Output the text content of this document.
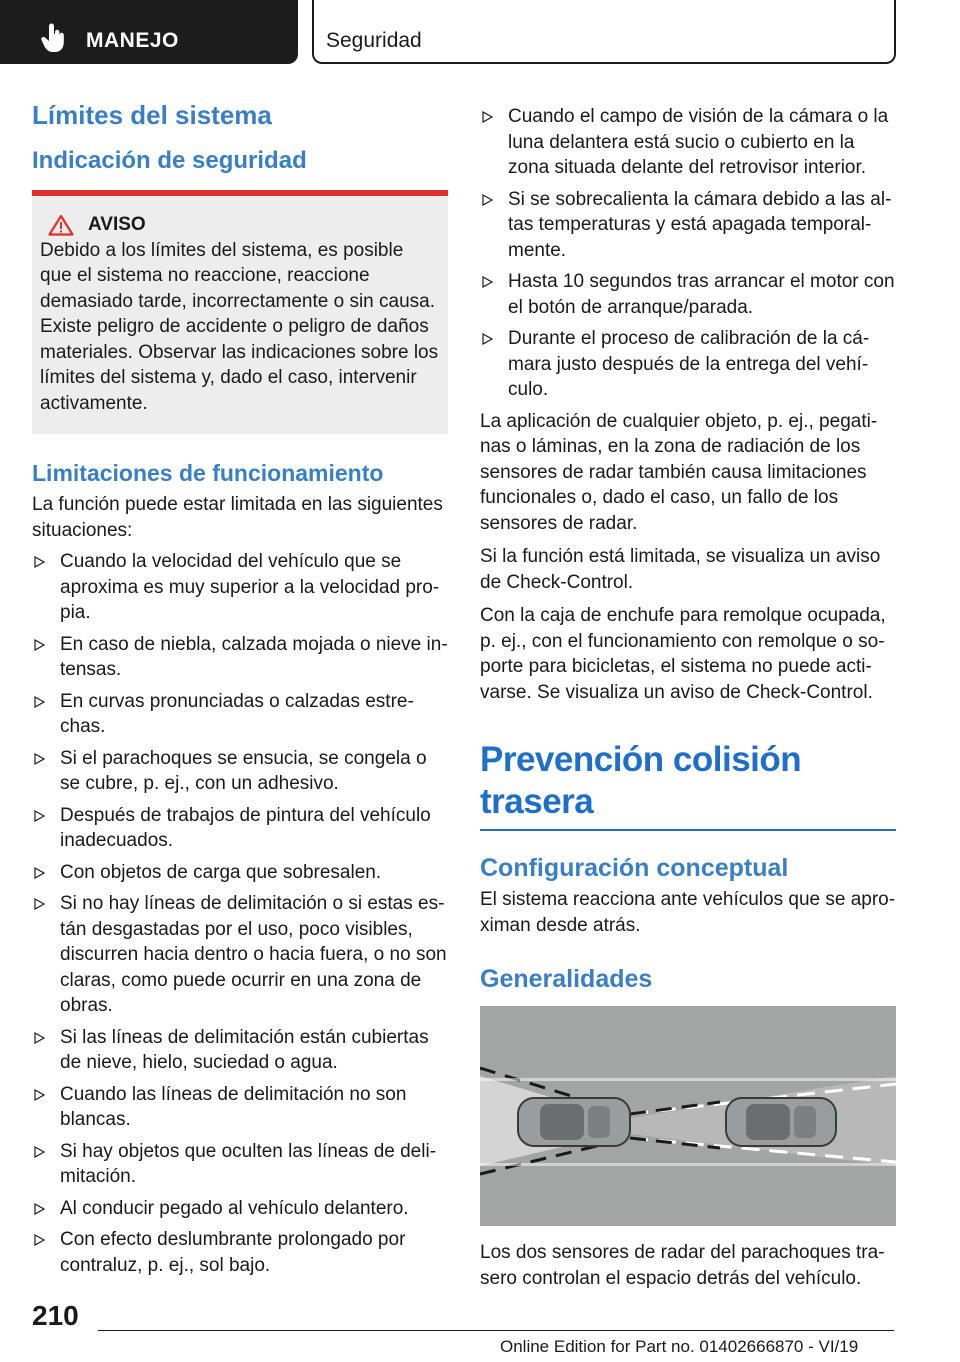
MANEJO	Seguridad
Límites del sistema
Indicación de seguridad
AVISO

Debido a los límites del sistema, es posible que el sistema no reaccione, reaccione demasiado tarde, incorrectamente o sin causa. Existe peligro de accidente o peligro de daños materiales. Observar las indicaciones sobre los límites del sistema y, dado el caso, intervenir activamente.

Limitaciones de funcionamiento

La función puede estar limitada en las siguientes situaciones:

Cuando la velocidad del vehículo que se aproxima es muy superior a la velocidad propia.
En caso de niebla, calzada mojada o nieve intensas.
En curvas pronunciadas o calzadas estrechas.
Si el parachoques se ensucia, se congela o se cubre, p. ej., con un adhesivo.
Después de trabajos de pintura del vehículo inadecuados.
Con objetos de carga que sobresalen.
Si no hay líneas de delimitación o si estas están desgastadas por el uso, poco visibles, discurren hacia dentro o hacia fuera, o no son claras, como puede ocurrir en una zona de obras.
Si las líneas de delimitación están cubiertas de nieve, hielo, suciedad o agua.
Cuando las líneas de delimitación no son blancas.
Si hay objetos que oculten las líneas de delimitación.
Al conducir pegado al vehículo delantero.
Con efecto deslumbrante prolongado por contraluz, p. ej., sol bajo.
Cuando el campo de visión de la cámara o la luna delantera está sucio o cubierto en la zona situada delante del retrovisor interior.
Si se sobrecalienta la cámara debido a las altas temperaturas y está apagada temporalmente.
Hasta 10 segundos tras arrancar el motor con el botón de arranque/parada.
Durante el proceso de calibración de la cámara justo después de la entrega del vehículo.

La aplicación de cualquier objeto, p. ej., pegatinas o láminas, en la zona de radiación de los sensores de radar también causa limitaciones funcionales o, dado el caso, un fallo de los sensores de radar.

Si la función está limitada, se visualiza un aviso de Check-Control.

Con la caja de enchufe para remolque ocupada, p. ej., con el funcionamiento con remolque o soporte para bicicletas, el sistema no puede activarse. Se visualiza un aviso de Check-Control.

Prevención colisión trasera
Configuración conceptual

El sistema reacciona ante vehículos que se aproximan desde atrás.

Generalidades

Los dos sensores de radar del parachoques trasero controlan el espacio detrás del vehículo.

210
Online Edition for Part no. 01402666870 - VI/19
